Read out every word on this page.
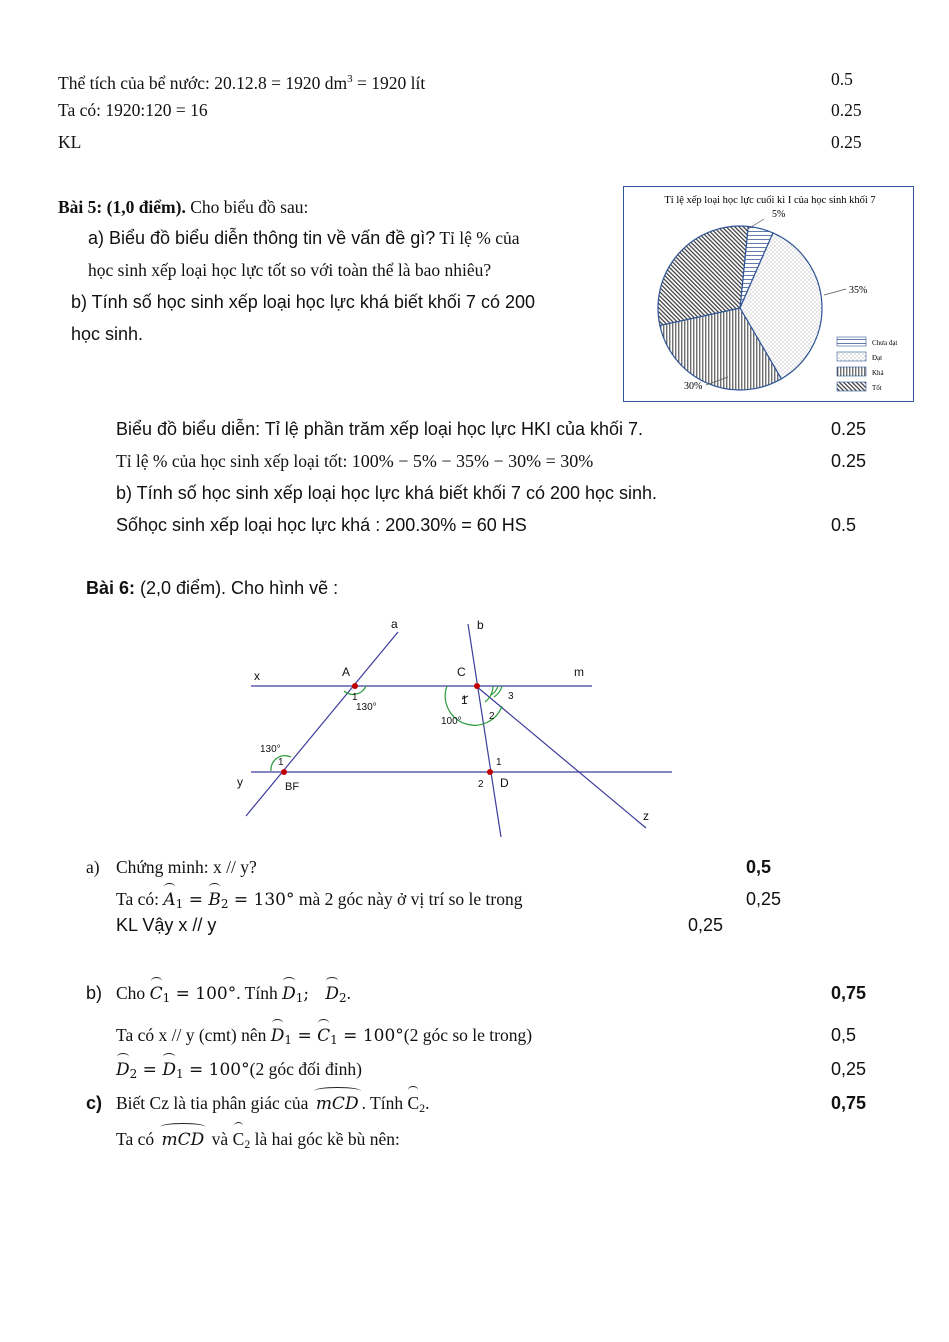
Thể tích của bể nước: 20.12.8 = 1920 $dm^3 = 1920$ lít	0.5
Ta có: 1920:120 = 16	0.25
KL	0.25
Bài 5: (1,0 điểm). Cho biểu đồ sau:
a) Biểu đồ biểu diễn thông tin về vấn đề gì? Tỉ lệ % của
học sinh xếp loại học lực tốt so với toàn thể là bao nhiêu?
b) Tính số học sinh xếp loại học lực khá biết khối 7 có 200
học sinh.
Tỉ lệ xếp loại học lực cuối kì I của học sinh khối 7
5%
35%
30%
Chưa đạt
Đạt
Khá
Tốt
Biểu đồ biểu diễn: Tỉ lệ phần trăm xếp loại học lực HKI của khối 7.	0.25
Tỉ lệ % của học sinh xếp loại tốt: 100% − 5% − 35% − 30% = 30%	0.25
b) Tính số học sinh xếp loại học lực khá biết khối 7 có 200 học sinh.
Sốhọc sinh xếp loại học lực khá : 200.30% = 60 HS	0.5
Bài 6: (2,0 điểm). Cho hình vẽ :
a	b
x	m
y
z
A	C
BF	D
130°
130°
100°
1
1
1
2
3
1
2
a) Chứng minh: x // y?	0,5
Ta có: $A_1 = B_2 = 130^\circ$ mà 2 góc này ở vị trí so le trong	0,25
KL Vậy x // y	0,25
b) Cho $C_1 = 100^\circ$. Tính $D_1$; $D_2$.	0,75
Ta có x // y (cmt) nên $D_1 = C_1 = 100^\circ(2$ góc so le trong)	0,5
$D_2 = D_1 = 100^\circ(2$ góc đối đỉnh)	0,25
c) Biết Cz là tia phân giác của mCD . Tính $C_2$.	0,75
Ta có mCD và $C_2$ là hai góc kề bù nên:
